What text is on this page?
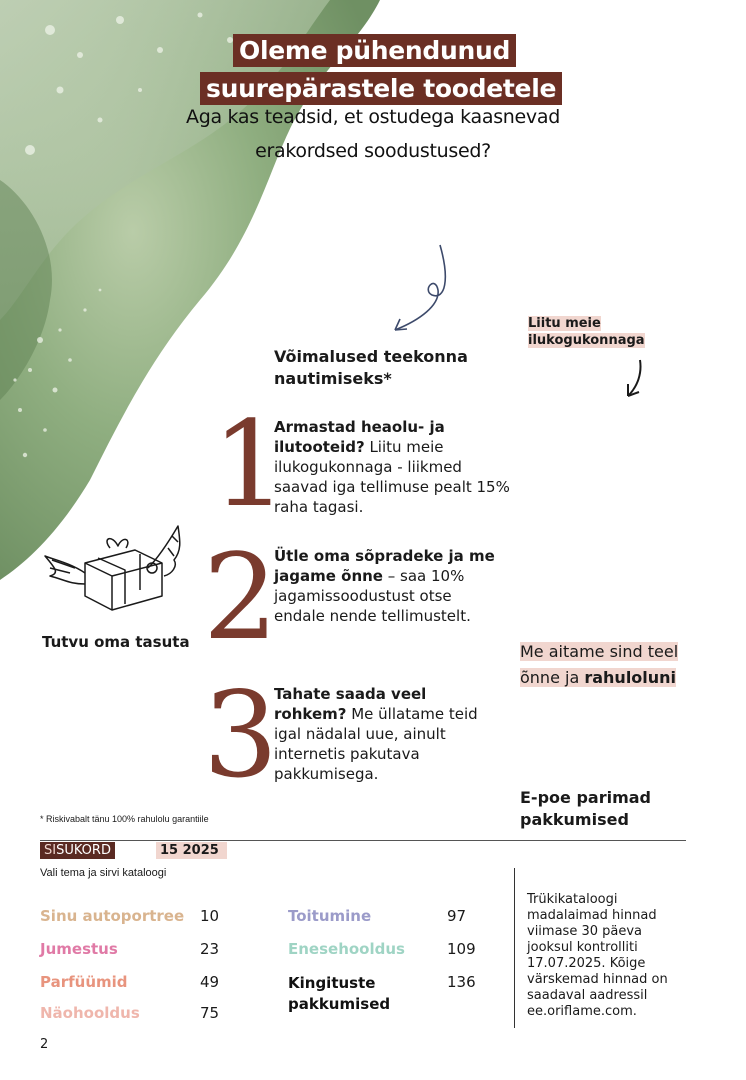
Oleme pühendunud
suurepärastele toodetele
Aga kas teadsid, et ostudega kaasnevad
erakordsed soodustused?
Võimalused teekonna
nautimiseks*
Liitu meie
ilukogukonnaga
1
Armastad heaolu- ja ilutooteid? Liitu meie ilukogukonnaga - liikmed saavad iga tellimuse pealt 15% raha tagasi.
2
Ütle oma sõpradeke ja me jagame õnne – saa 10% jagamissoodustust otse endale nende tellimustelt.
3
Tahate saada veel rohkem? Me üllatame teid igal nädalal uue, ainult internetis pakutava pakkumisega.
Tutvu oma tasuta	Me aitame sind teel
õnne ja rahuloluni
E-poe parimad
pakkumised
* Riskivabalt tänu 100% rahulolu garantiile
SISUKORD	15 2025
Vali tema ja sirvi kataloogi
Sinu autoportree 10
Jumestus	23
Parfüümid	49
Näohooldus	75
Toitumine	97
Enesehooldus	109
Kingituste
pakkumised
136
Trükikataloogi madalaimad hinnad viimase 30 päeva jooksul kontrolliti 17.07.2025. Kõige värskemad hinnad on saadaval aadressil ee.oriflame.com.
2
